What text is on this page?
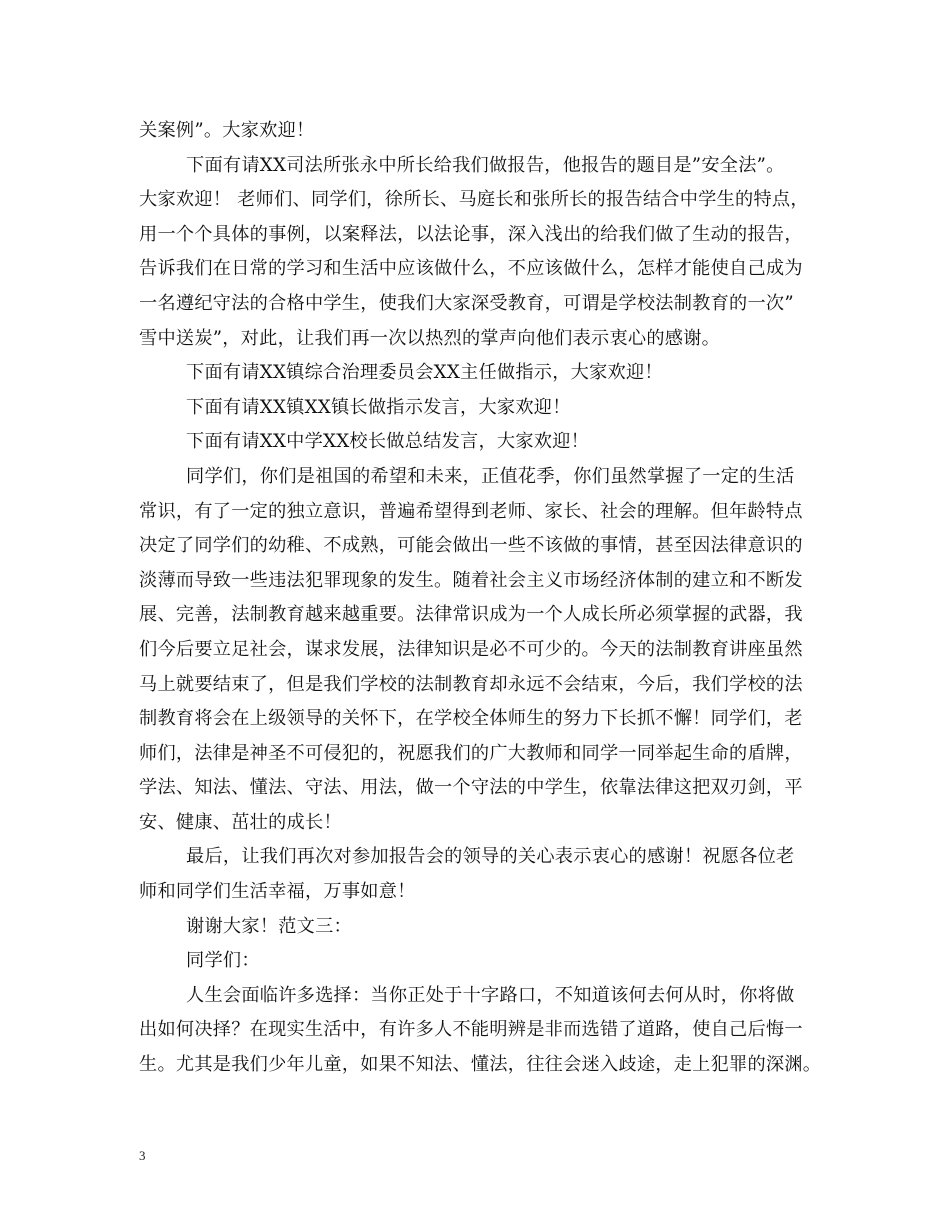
关案例”。大家欢迎！
下面有请XX司法所张永中所长给我们做报告，他报告的题目是”安全法”。
大家欢迎！ 老师们、同学们，徐所长、马庭长和张所长的报告结合中学生的特点，
用一个个具体的事例，以案释法，以法论事，深入浅出的给我们做了生动的报告，
告诉我们在日常的学习和生活中应该做什么，不应该做什么，怎样才能使自己成为
一名遵纪守法的合格中学生，使我们大家深受教育，可谓是学校法制教育的一次”
雪中送炭”，对此，让我们再一次以热烈的掌声向他们表示衷心的感谢。
下面有请XX镇综合治理委员会XX主任做指示，大家欢迎！
下面有请XX镇XX镇长做指示发言，大家欢迎！
下面有请XX中学XX校长做总结发言，大家欢迎！
同学们，你们是祖国的希望和未来，正值花季，你们虽然掌握了一定的生活
常识，有了一定的独立意识，普遍希望得到老师、家长、社会的理解。但年龄特点
决定了同学们的幼稚、不成熟，可能会做出一些不该做的事情，甚至因法律意识的
淡薄而导致一些违法犯罪现象的发生。随着社会主义市场经济体制的建立和不断发
展、完善，法制教育越来越重要。法律常识成为一个人成长所必须掌握的武器，我
们今后要立足社会，谋求发展，法律知识是必不可少的。今天的法制教育讲座虽然
马上就要结束了，但是我们学校的法制教育却永远不会结束，今后，我们学校的法
制教育将会在上级领导的关怀下，在学校全体师生的努力下长抓不懈！同学们，老
师们，法律是神圣不可侵犯的，祝愿我们的广大教师和同学一同举起生命的盾牌，
学法、知法、懂法、守法、用法，做一个守法的中学生，依靠法律这把双刃剑，平
安、健康、茁壮的成长！
最后，让我们再次对参加报告会的领导的关心表示衷心的感谢！祝愿各位老
师和同学们生活幸福，万事如意！
谢谢大家！范文三：
同学们：
人生会面临许多选择：当你正处于十字路口，不知道该何去何从时，你将做
出如何决择？在现实生活中，有许多人不能明辨是非而选错了道路，使自己后悔一
生。尤其是我们少年儿童，如果不知法、懂法，往往会迷入歧途，走上犯罪的深渊。
3
